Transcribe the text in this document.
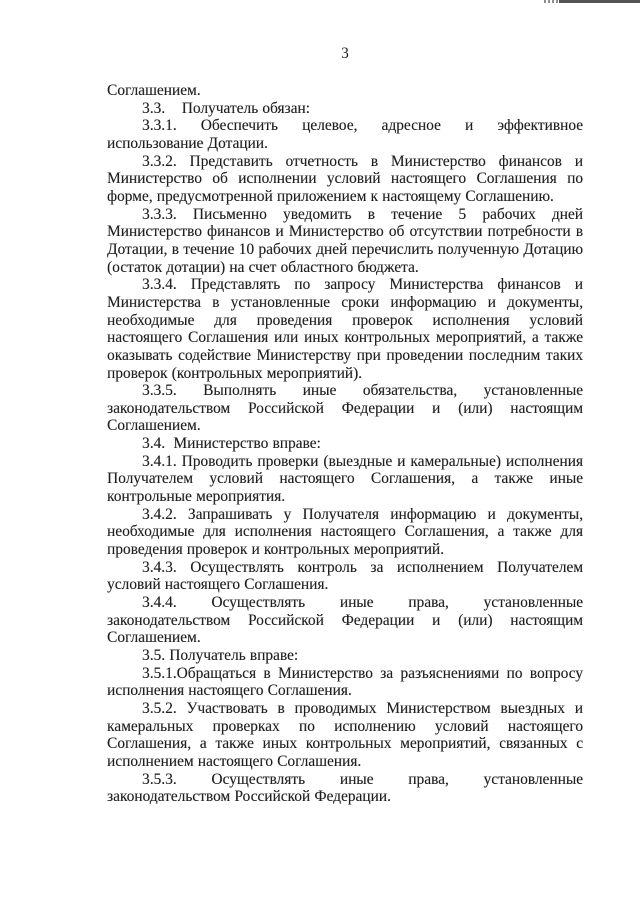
3

Соглашением.

3.3.    Получатель обязан:

3.3.1. Обеспечить целевое, адресное и эффективное использование Дотации.

3.3.2. Представить отчетность в Министерство финансов и Министерство об исполнении условий настоящего Соглашения по форме, предусмотренной приложением к настоящему Соглашению.

3.3.3. Письменно уведомить в течение 5 рабочих дней Министерство финансов и Министерство об отсутствии потребности в Дотации, в течение 10 рабочих дней перечислить полученную Дотацию (остаток дотации) на счет областного бюджета.

3.3.4. Представлять по запросу Министерства финансов и Министерства в установленные сроки информацию и документы, необходимые для проведения проверок исполнения условий настоящего Соглашения или иных контрольных мероприятий, а также оказывать содействие Министерству при проведении последним таких проверок (контрольных мероприятий).

3.3.5. Выполнять иные обязательства, установленные законодательством Российской Федерации и (или) настоящим Соглашением.

3.4.  Министерство вправе:

3.4.1. Проводить проверки (выездные и камеральные) исполнения Получателем условий настоящего Соглашения, а также иные контрольные мероприятия.

3.4.2. Запрашивать у Получателя информацию и документы, необходимые для исполнения настоящего Соглашения, а также для проведения проверок и контрольных мероприятий.

3.4.3. Осуществлять контроль за исполнением Получателем условий настоящего Соглашения.

3.4.4. Осуществлять иные права, установленные законодательством Российской Федерации и (или) настоящим Соглашением.

3.5. Получатель вправе:

3.5.1.Обращаться в Министерство за разъяснениями по вопросу исполнения настоящего Соглашения.

3.5.2. Участвовать в проводимых Министерством выездных и камеральных проверках по исполнению условий настоящего Соглашения, а также иных контрольных мероприятий, связанных с исполнением настоящего Соглашения.

3.5.3. Осуществлять иные права, установленные законодательством Российской Федерации.
